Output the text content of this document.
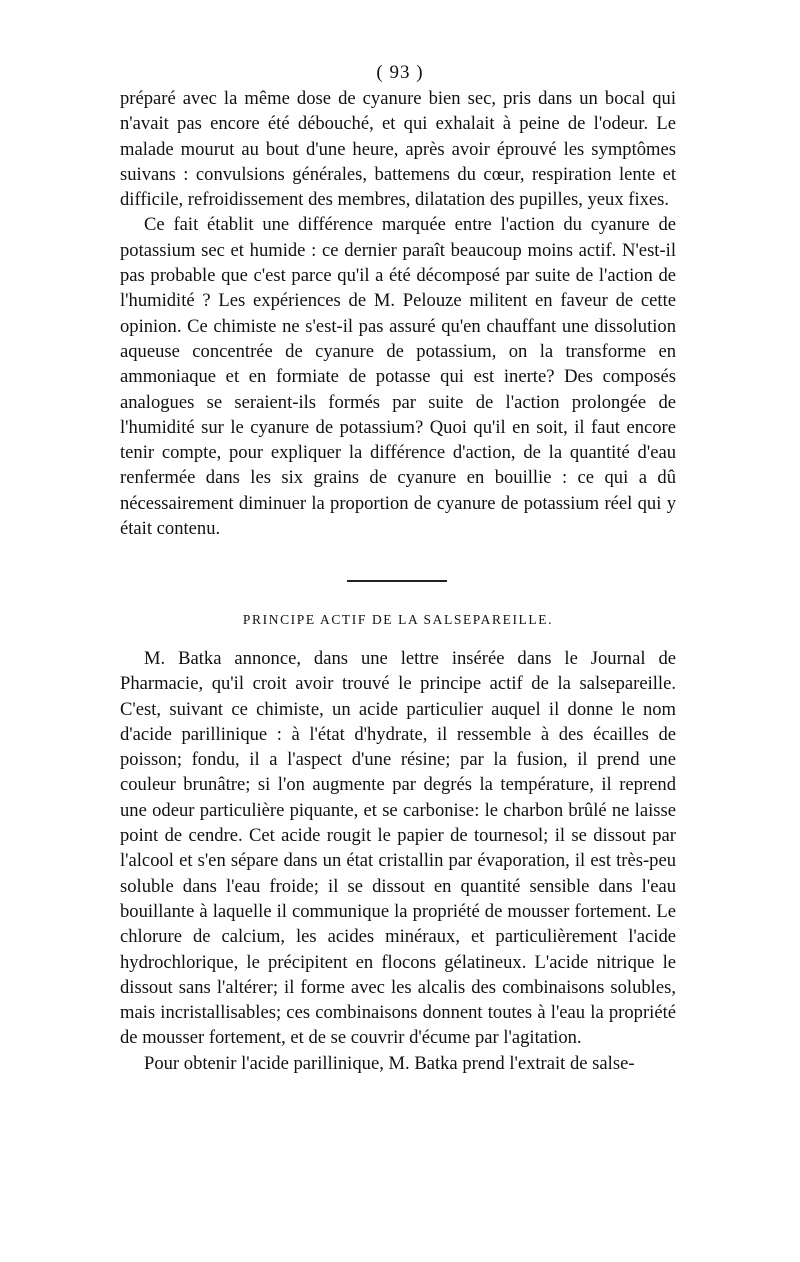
( 93 )

préparé avec la même dose de cyanure bien sec, pris dans un bocal qui n'avait pas encore été débouché, et qui exhalait à peine de l'odeur. Le malade mourut au bout d'une heure, après avoir éprouvé les symptômes suivans : convulsions générales, battemens du cœur, respiration lente et difficile, refroidissement des membres, dilatation des pupilles, yeux fixes.

Ce fait établit une différence marquée entre l'action du cyanure de potassium sec et humide : ce dernier paraît beaucoup moins actif. N'est-il pas probable que c'est parce qu'il a été décomposé par suite de l'action de l'humidité ? Les expériences de M. Pelouze militent en faveur de cette opinion. Ce chimiste ne s'est-il pas assuré qu'en chauffant une dissolution aqueuse concentrée de cyanure de potassium, on la transforme en ammoniaque et en formiate de potasse qui est inerte? Des composés analogues se seraient-ils formés par suite de l'action prolongée de l'humidité sur le cyanure de potassium? Quoi qu'il en soit, il faut encore tenir compte, pour expliquer la différence d'action, de la quantité d'eau renfermée dans les six grains de cyanure en bouillie : ce qui a dû nécessairement diminuer la proportion de cyanure de potassium réel qui y était contenu.

PRINCIPE ACTIF DE LA SALSEPAREILLE.

M. Batka annonce, dans une lettre insérée dans le Journal de Pharmacie, qu'il croit avoir trouvé le principe actif de la salsepareille. C'est, suivant ce chimiste, un acide particulier auquel il donne le nom d'acide parillinique : à l'état d'hydrate, il ressemble à des écailles de poisson; fondu, il a l'aspect d'une résine; par la fusion, il prend une couleur brunâtre; si l'on augmente par degrés la température, il reprend une odeur particulière piquante, et se carbonise: le charbon brûlé ne laisse point de cendre. Cet acide rougit le papier de tournesol; il se dissout par l'alcool et s'en sépare dans un état cristallin par évaporation, il est très-peu soluble dans l'eau froide; il se dissout en quantité sensible dans l'eau bouillante à laquelle il communique la propriété de mousser fortement. Le chlorure de calcium, les acides minéraux, et particulièrement l'acide hydrochlorique, le précipitent en flocons gélatineux. L'acide nitrique le dissout sans l'altérer; il forme avec les alcalis des combinaisons solubles, mais incristallisables; ces combinaisons donnent toutes à l'eau la propriété de mousser fortement, et de se couvrir d'écume par l'agitation.

Pour obtenir l'acide parillinique, M. Batka prend l'extrait de salse-
